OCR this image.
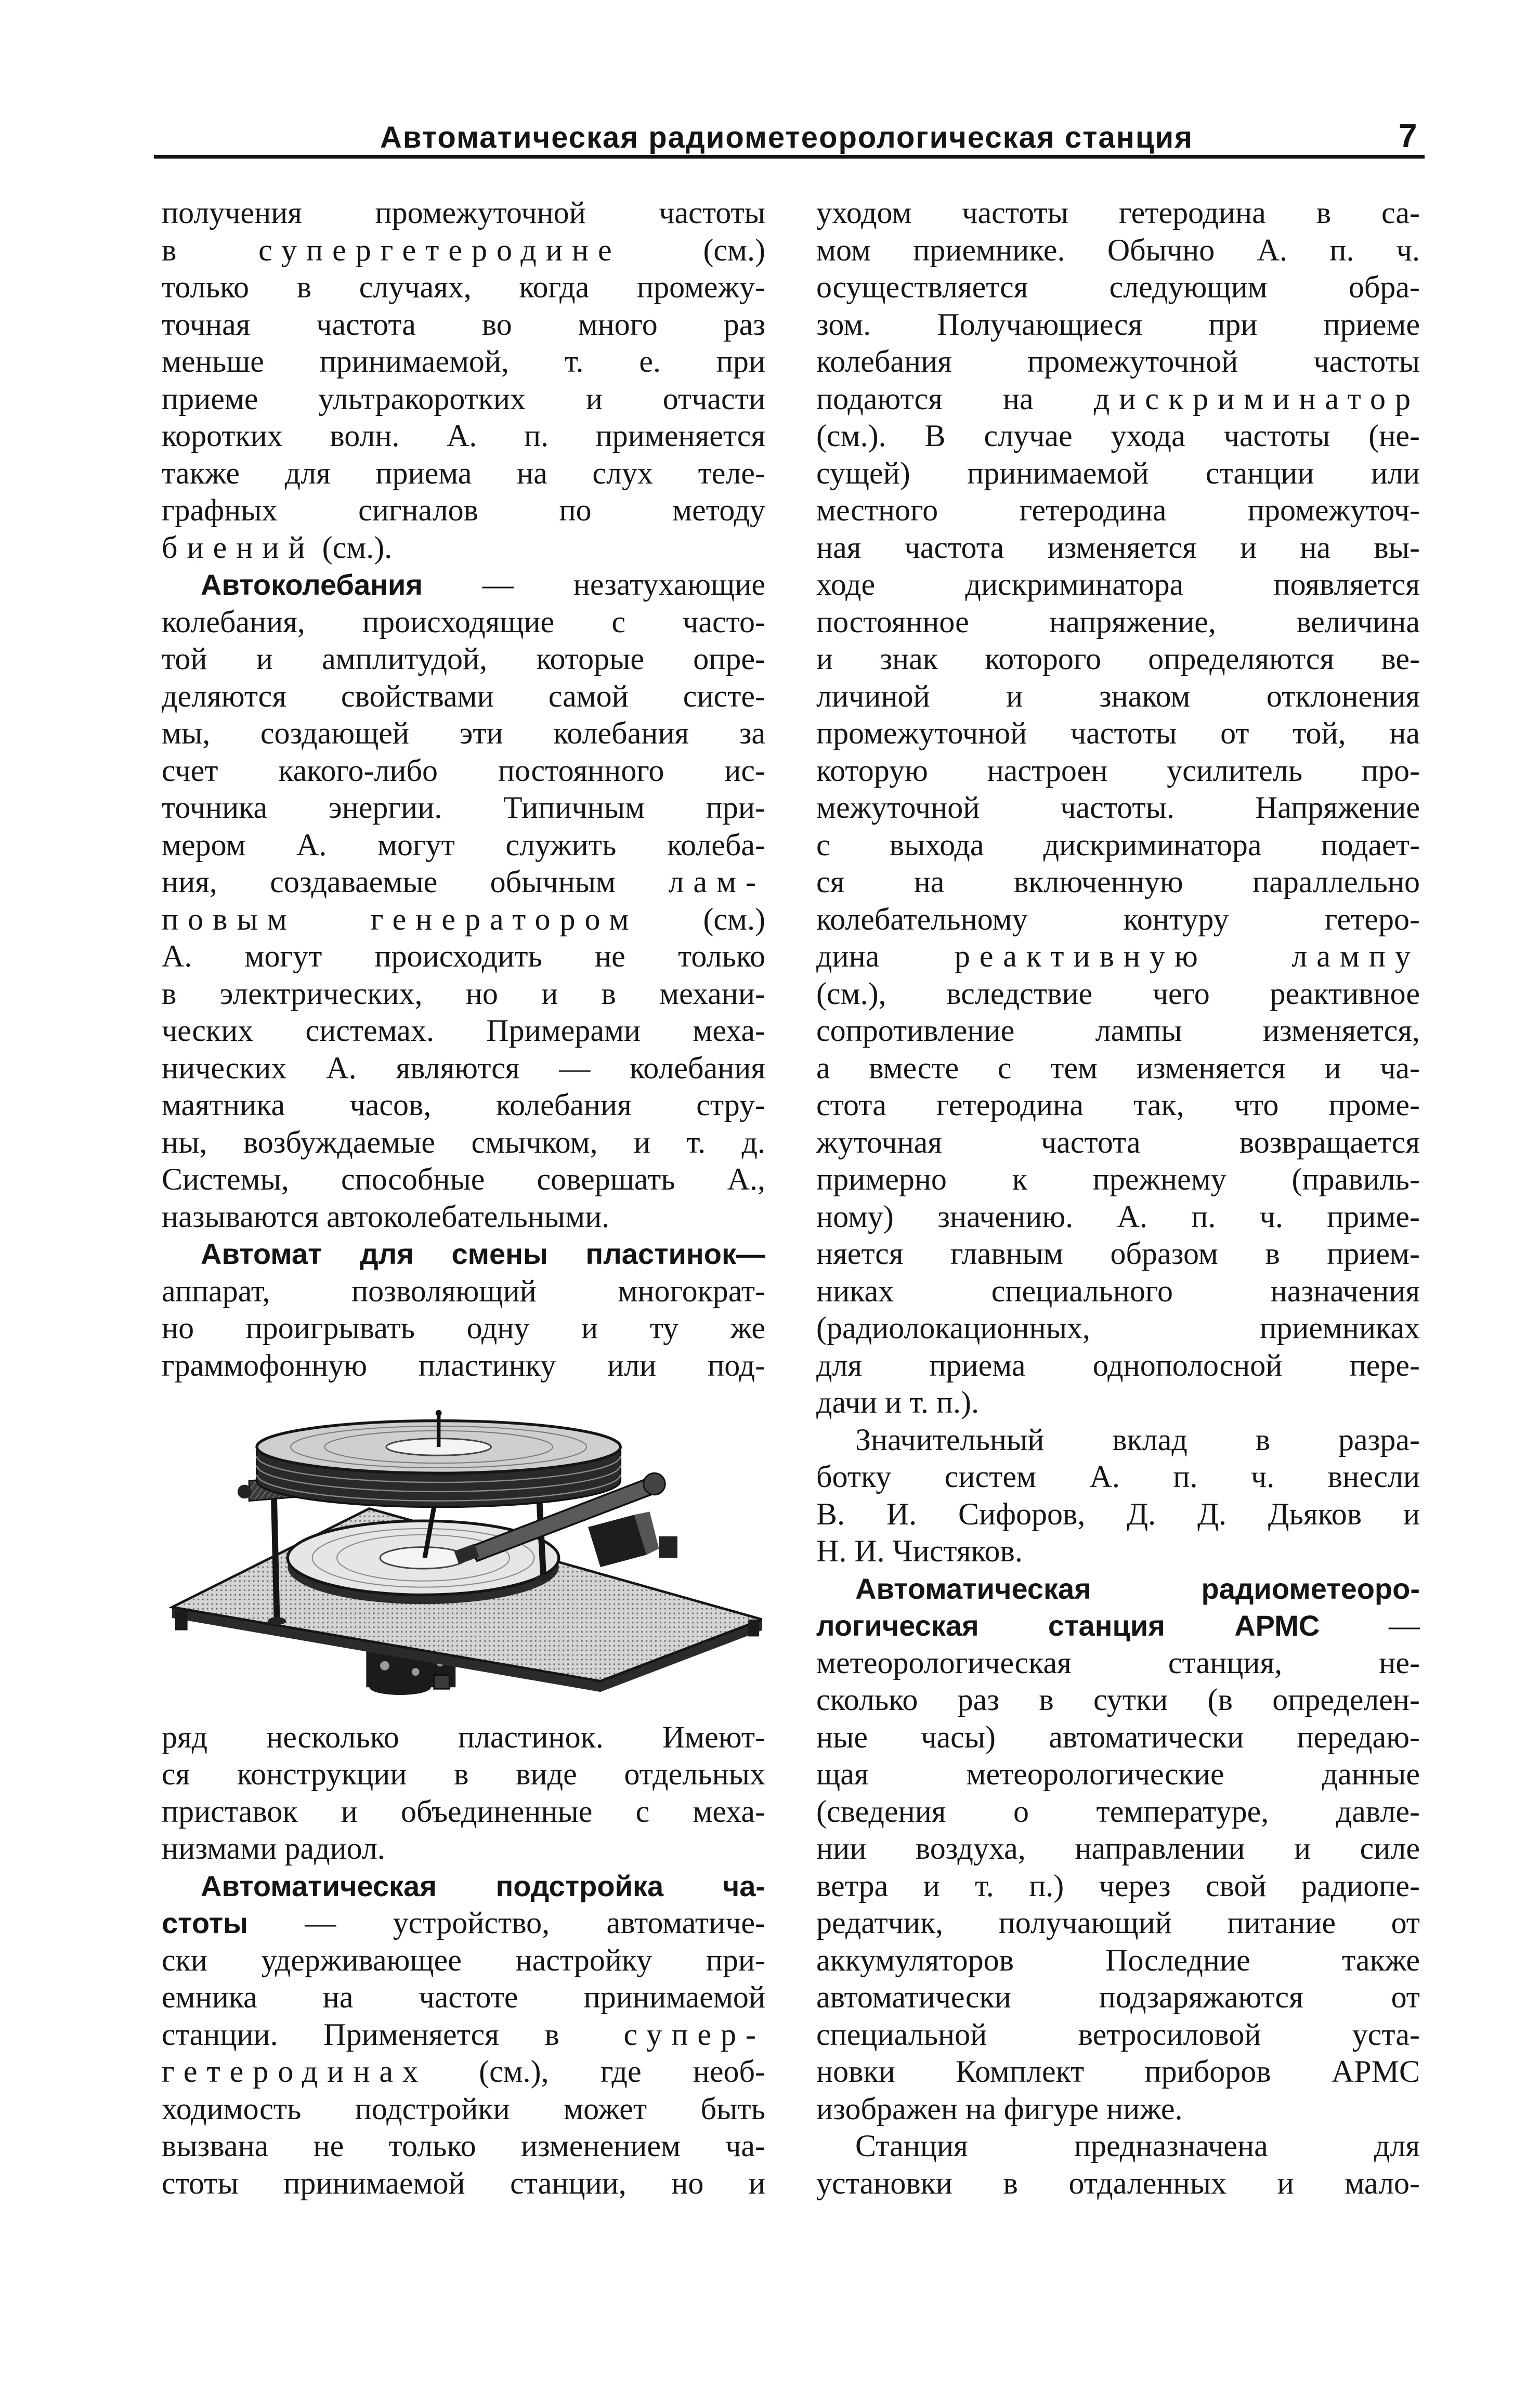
Автоматическая радиометеорологическая станция	7
получения промежуточной частоты
в супергетеродине (см.)
только в случаях, когда промежу-
точная частота во много раз
меньше принимаемой, т. е. при
приеме ультракоротких и отчасти
коротких волн. А. п. применяется
также для приема на слух теле-
графных сигналов по методу
биений (см.).
Автоколебания — незатухающие
колебания, происходящие с часто-
той и амплитудой, которые опре-
деляются свойствами самой систе-
мы, создающей эти колебания за
счет какого-либо постоянного ис-
точника энергии. Типичным при-
мером А. могут служить колеба-
ния, создаваемые обычным лам-
повым генератором (см.)
А. могут происходить не только
в электрических, но и в механи-
ческих системах. Примерами меха-
нических А. являются — колебания
маятника часов, колебания стру-
ны, возбуждаемые смычком, и т. д.
Системы, способные совершать А.,
называются автоколебательными.
Автомат для смены пластинок—
аппарат, позволяющий многократ-
но проигрывать одну и ту же
граммофонную пластинку или под-
ряд несколько пластинок. Имеют-
ся конструкции в виде отдельных
приставок и объединенные с меха-
низмами радиол.
Автоматическая подстройка ча-
стоты — устройство, автоматиче-
ски удерживающее настройку при-
емника на частоте принимаемой
станции. Применяется в супер-
гетеродинах (см.), где необ-
ходимость подстройки может быть
вызвана не только изменением ча-
стоты принимаемой станции, но и
уходом частоты гетеродина в са-
мом приемнике. Обычно А. п. ч.
осуществляется следующим обра-
зом. Получающиеся при приеме
колебания промежуточной частоты
подаются на дискриминатор
(см.). В случае ухода частоты (не-
сущей) принимаемой станции или
местного гетеродина промежуточ-
ная частота изменяется и на вы-
ходе дискриминатора появляется
постоянное напряжение, величина
и знак которого определяются ве-
личиной и знаком отклонения
промежуточной частоты от той, на
которую настроен усилитель про-
межуточной частоты. Напряжение
с выхода дискриминатора подает-
ся на включенную параллельно
колебательному контуру гетеро-
дина реактивную лампу
(см.), вследствие чего реактивное
сопротивление лампы изменяется,
а вместе с тем изменяется и ча-
стота гетеродина так, что проме-
жуточная частота возвращается
примерно к прежнему (правиль-
ному) значению. А. п. ч. приме-
няется главным образом в прием-
никах специального назначения
(радиолокационных, приемниках
для приема однополосной пере-
дачи и т. п.).
Значительный вклад в разра-
ботку систем А. п. ч. внесли
В. И. Сифоров, Д. Д. Дьяков и
Н. И. Чистяков.
Автоматическая радиометеоро-
логическая станция АРМС —
метеорологическая станция, не-
сколько раз в сутки (в определен-
ные часы) автоматически передаю-
щая метеорологические данные
(сведения о температуре, давле-
нии воздуха, направлении и силе
ветра и т. п.) через свой радиопе-
редатчик, получающий питание от
аккумуляторов Последние также
автоматически подзаряжаются от
специальной ветросиловой уста-
новки Комплект приборов АРМС
изображен на фигуре ниже.
Станция предназначена для
установки в отдаленных и мало-
